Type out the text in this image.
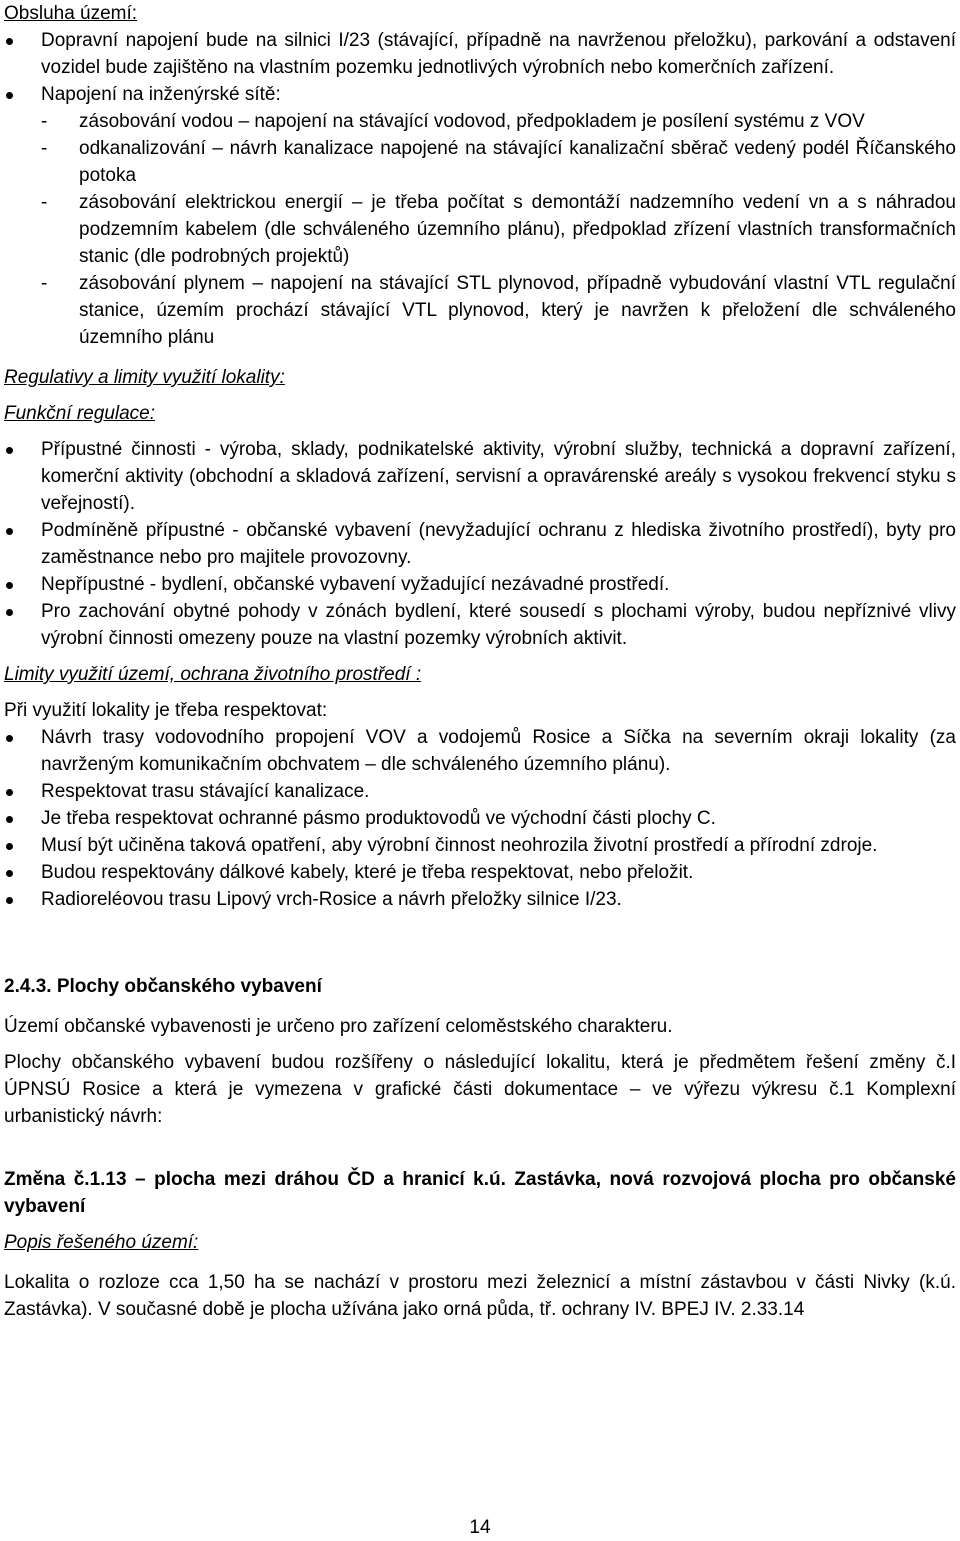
Obsluha území:

Dopravní napojení bude na silnici I/23 (stávající, případně na navrženou přeložku), parkování a odstavení vozidel bude zajištěno na vlastním pozemku jednotlivých výrobních nebo komerčních zařízení.
Napojení na inženýrské sítě:
- zásobování vodou – napojení na stávající vodovod, předpokladem je posílení systému z VOV
- odkanalizování – návrh kanalizace napojené na stávající kanalizační sběrač vedený podél Říčanského potoka
- zásobování elektrickou energií – je třeba počítat s demontáží nadzemního vedení vn a s náhradou podzemním kabelem (dle schváleného územního plánu), předpoklad zřízení vlastních transformačních stanic (dle podrobných projektů)
- zásobování plynem – napojení na stávající STL plynovod, případně vybudování vlastní VTL regulační stanice, územím prochází stávající VTL plynovod, který je navržen k přeložení dle schváleného územního plánu

Regulativy a limity využití lokality:

Funkční regulace:

Přípustné činnosti - výroba, sklady, podnikatelské aktivity, výrobní služby, technická a dopravní zařízení, komerční aktivity (obchodní a skladová zařízení, servisní a opravárenské areály s vysokou frekvencí styku s veřejností).
Podmíněně přípustné - občanské vybavení (nevyžadující ochranu z hlediska životního prostředí), byty pro zaměstnance nebo pro majitele provozovny.
Nepřípustné - bydlení, občanské vybavení vyžadující nezávadné prostředí.
Pro zachování obytné pohody v zónách bydlení, které sousedí s plochami výroby, budou nepříznivé vlivy výrobní činnosti omezeny pouze na vlastní pozemky výrobních aktivit.

Limity využití území, ochrana životního prostředí :

Při využití lokality je třeba respektovat:

Návrh trasy vodovodního propojení VOV a vodojemů Rosice a Síčka na severním okraji lokality (za navrženým komunikačním obchvatem – dle schváleného územního plánu).
Respektovat trasu stávající kanalizace.
Je třeba respektovat ochranné pásmo produktovodů ve východní části plochy C.
Musí být učiněna taková opatření, aby výrobní činnost neohrozila životní prostředí a přírodní zdroje.
Budou respektovány dálkové kabely, které je třeba respektovat, nebo přeložit.
Radioreléovou trasu Lipový vrch-Rosice a návrh přeložky silnice I/23.

2.4.3. Plochy občanského vybavení

Území občanské vybavenosti je určeno pro zařízení celoměstského charakteru.

Plochy občanského vybavení budou rozšířeny o následující lokalitu, která je předmětem řešení změny č.I ÚPNSÚ Rosice a která je vymezena v grafické části dokumentace – ve výřezu výkresu č.1 Komplexní urbanistický návrh:

Změna č.1.13 – plocha mezi dráhou ČD a hranicí k.ú. Zastávka, nová rozvojová plocha pro občanské vybavení

Popis řešeného území:

Lokalita o rozloze cca 1,50 ha se nachází v prostoru mezi železnicí a místní zástavbou v části Nivky (k.ú. Zastávka). V současné době je plocha užívána jako orná půda, tř. ochrany IV. BPEJ IV. 2.33.14

14
